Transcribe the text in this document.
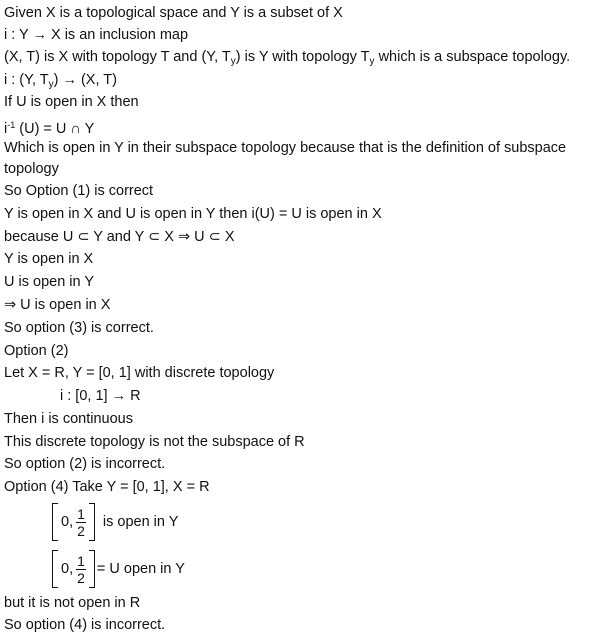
Given X is a topological space and Y is a subset of X
i : Y → X is an inclusion map
(X, T) is X with topology T and (Y, $T_y$) is Y with topology $T_y$ which is a subspace topology.
i : (Y, $T_y) \to (X$, T)
If U is open in X then
$i^{-1}$ (U) = U ∩ Y
Which is open in Y in their subspace topology because that is the definition of subspace
topology
So Option (1) is correct
Y is open in X and U is open in Y then i(U) = U is open in X
because U ⊂ Y and Y ⊂ X ⇒ U ⊂ X
Y is open in X
U is open in Y
⇒ U is open in X
So option (3) is correct.
Option (2)
Let X = R, Y = [0, 1] with discrete topology
i : [0, 1] → R
Then i is continuous
This discrete topology is not the subspace of R
So option (2) is incorrect.
Option (4) Take Y = [0, 1], X = R
0, $\frac{1}{2}$ is open in Y
0, $\frac{1}{2} = U$ open in Y
but it is not open in R
So option (4) is incorrect.
